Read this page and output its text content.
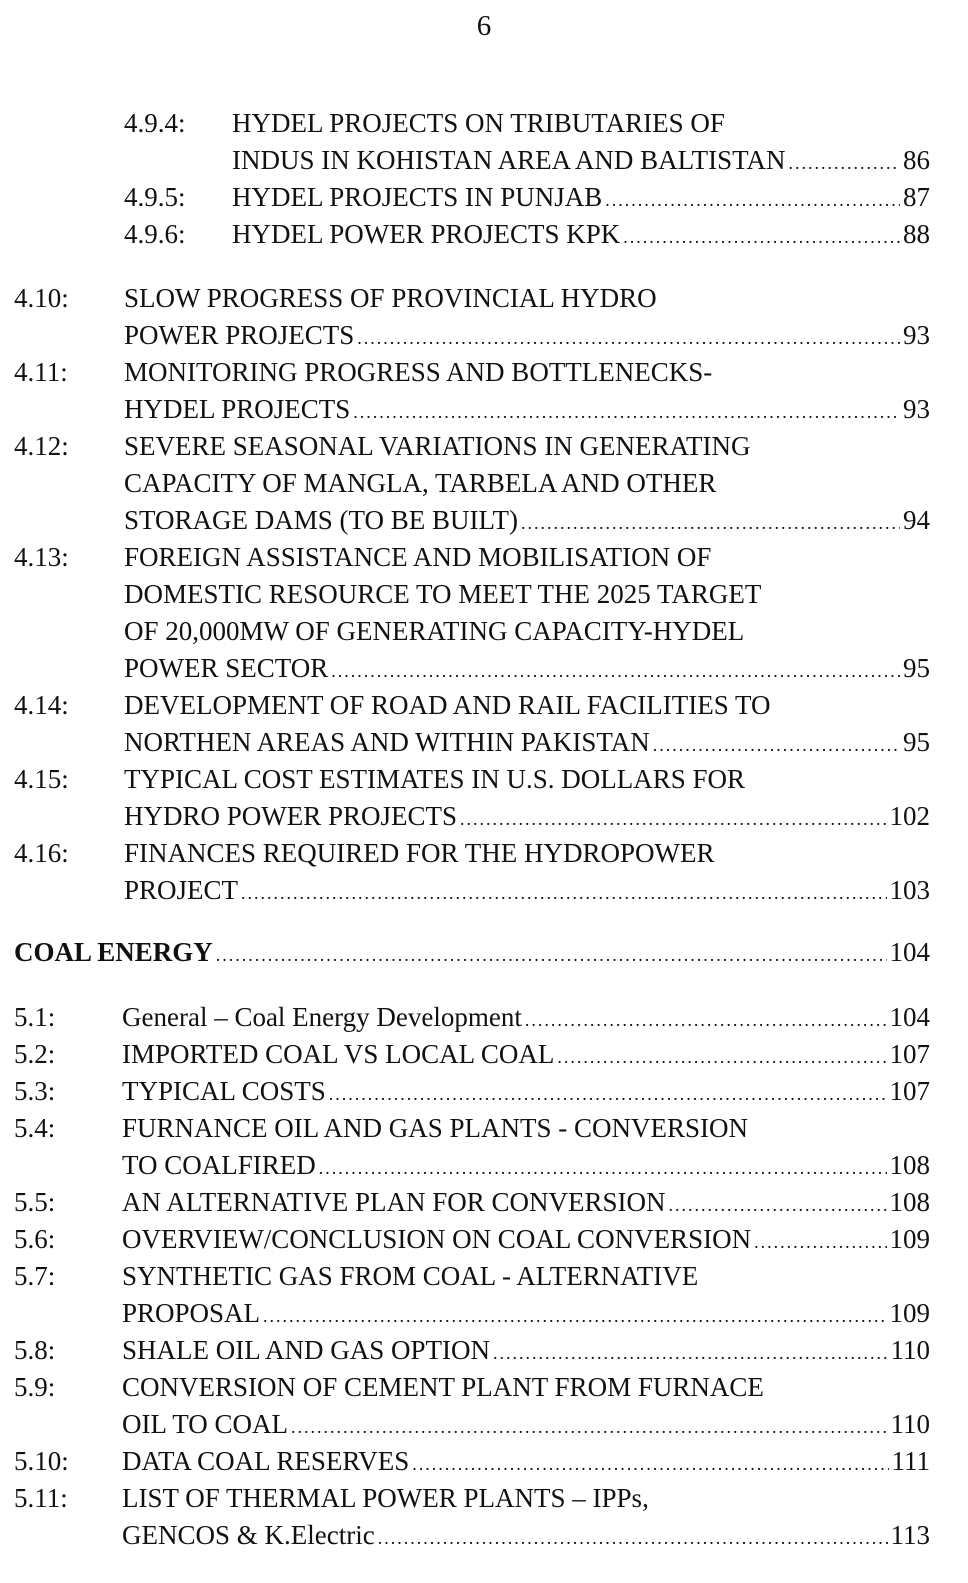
6
4.9.4: HYDEL PROJECTS ON TRIBUTARIES OF
INDUS IN KOHISTAN AREA AND BALTISTAN .....	86
4.9.5: HYDEL PROJECTS IN PUNJAB .....	87
4.9.6: HYDEL POWER PROJECTS KPK .....	88
4.10: SLOW PROGRESS OF PROVINCIAL HYDRO
POWER PROJECTS .....	93
4.11: MONITORING PROGRESS AND BOTTLENECKS-
HYDEL PROJECTS .....	93
4.12: SEVERE SEASONAL VARIATIONS IN GENERATING
CAPACITY OF MANGLA, TARBELA AND OTHER
STORAGE DAMS (TO BE BUILT) .....	94
4.13: FOREIGN ASSISTANCE AND MOBILISATION OF
DOMESTIC RESOURCE TO MEET THE 2025 TARGET
OF 20,000MW OF GENERATING CAPACITY-HYDEL
POWER SECTOR .....	95
4.14: DEVELOPMENT OF ROAD AND RAIL FACILITIES TO
NORTHEN AREAS AND WITHIN PAKISTAN .....	95
4.15: TYPICAL COST ESTIMATES IN U.S. DOLLARS FOR
HYDRO POWER PROJECTS .....	102
4.16: FINANCES REQUIRED FOR THE HYDROPOWER
PROJECT .....	103
COAL ENERGY .....	104
5.1: General – Coal Energy Development .....	104
5.2: IMPORTED COAL VS LOCAL COAL .....	107
5.3: TYPICAL COSTS .....	107
5.4: FURNANCE OIL AND GAS PLANTS - CONVERSION
TO COALFIRED .....	108
5.5: AN ALTERNATIVE PLAN FOR CONVERSION .....	108
5.6: OVERVIEW/CONCLUSION ON COAL CONVERSION .....	109
5.7: SYNTHETIC GAS FROM COAL - ALTERNATIVE
PROPOSAL .....	109
5.8: SHALE OIL AND GAS OPTION .....	110
5.9: CONVERSION OF CEMENT PLANT FROM FURNACE
OIL TO COAL .....	110
5.10: DATA COAL RESERVES .....	111
5.11: LIST OF THERMAL POWER PLANTS – IPPs,
GENCOS & K.Electric .....	113
